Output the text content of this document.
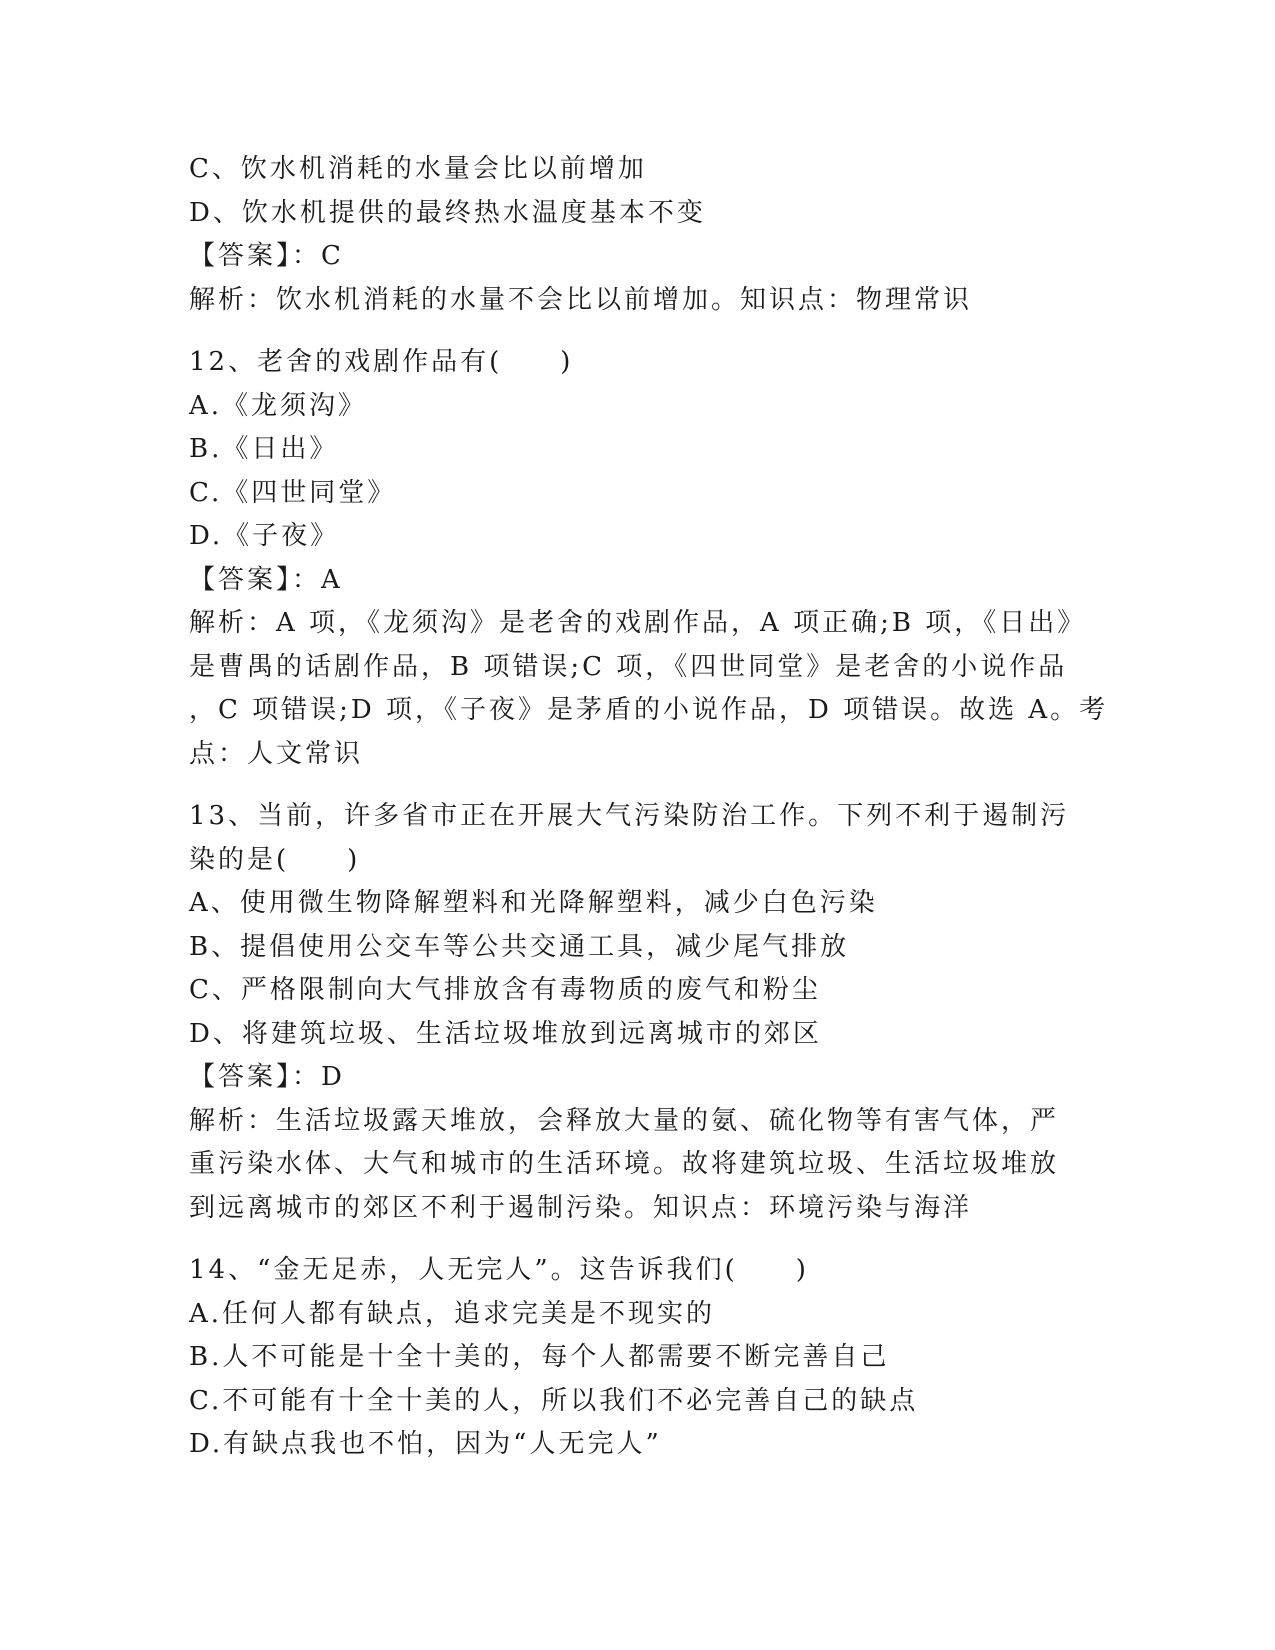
C、饮水机消耗的水量会比以前增加
D、饮水机提供的最终热水温度基本不变
【答案】：C
解析：饮水机消耗的水量不会比以前增加。知识点：物理常识
12、老舍的戏剧作品有(　　)
A.《龙须沟》
B.《日出》
C.《四世同堂》
D.《子夜》
【答案】：A
解析：A 项，《龙须沟》是老舍的戏剧作品，A 项正确;B 项，《日出》
是曹禺的话剧作品，B 项错误;C 项，《四世同堂》是老舍的小说作品
，C 项错误;D 项，《子夜》是茅盾的小说作品，D 项错误。故选 A。考
点：人文常识
13、当前，许多省市正在开展大气污染防治工作。下列不利于遏制污
染的是(　　)
A、使用微生物降解塑料和光降解塑料，减少白色污染
B、提倡使用公交车等公共交通工具，减少尾气排放
C、严格限制向大气排放含有毒物质的废气和粉尘
D、将建筑垃圾、生活垃圾堆放到远离城市的郊区
【答案】：D
解析：生活垃圾露天堆放，会释放大量的氨、硫化物等有害气体，严
重污染水体、大气和城市的生活环境。故将建筑垃圾、生活垃圾堆放
到远离城市的郊区不利于遏制污染。知识点：环境污染与海洋
14、“金无足赤，人无完人”。这告诉我们(　　)
A.任何人都有缺点，追求完美是不现实的
B.人不可能是十全十美的，每个人都需要不断完善自己
C.不可能有十全十美的人，所以我们不必完善自己的缺点
D.有缺点我也不怕，因为“人无完人”
